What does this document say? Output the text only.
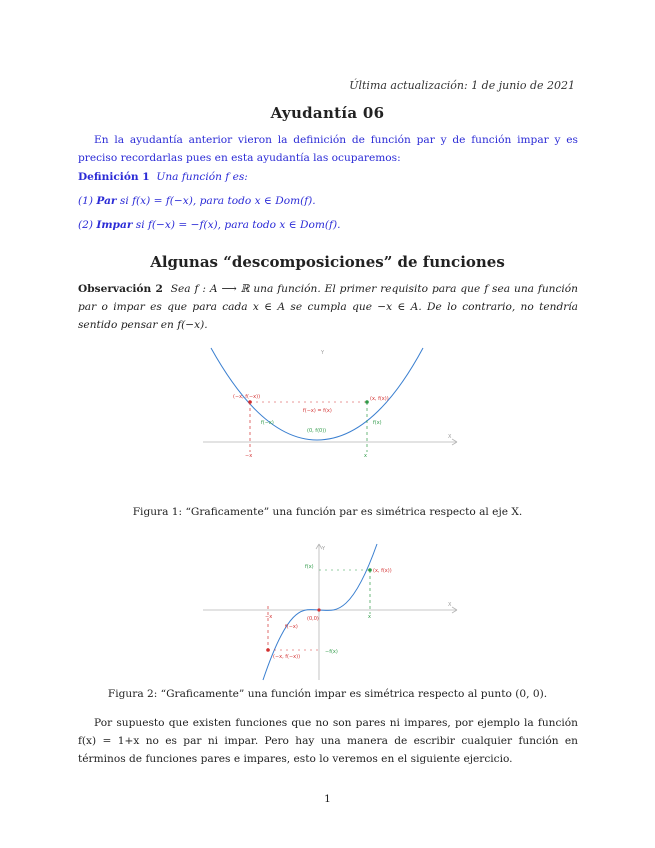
Última actualización: 1 de junio de 2021
Ayudantía 06
En la ayudantía anterior vieron la definición de función par y de función impar y es preciso recordarlas pues en esta ayudantía las ocuparemos:
Definición 1 Una función f es:
(1) Par si f(x) = f(−x), para todo x ∈ Dom(f).
(2) Impar si f(−x) = −f(x), para todo x ∈ Dom(f).
Algunas “descomposiciones” de funciones
Observación 2 Sea f : A ⟶ ℝ una función. El primer requisito para que f sea una función par o impar es que para cada x ∈ A se cumpla que −x ∈ A. De lo contrario, no tendría sentido pensar en f(−x).
X
Y
(−x, f(−x))
f(−x) = f(x)
(x, f(x))
−x	x
(0, f(0))
f(−x)	f(x)
Figura 1: “Graficamente” una función par es simétrica respecto al eje X.
X
Y
(x, f(x))
(−x, f(−x))
f(x)
−f(x)
−x	x
(0,0)
f(−x)
Figura 2: “Graficamente” una función impar es simétrica respecto al punto (0, 0).
Por supuesto que existen funciones que no son pares ni impares, por ejemplo la función f(x) = 1+x no es par ni impar. Pero hay una manera de escribir cualquier función en términos de funciones pares e impares, esto lo veremos en el siguiente ejercicio.
1
